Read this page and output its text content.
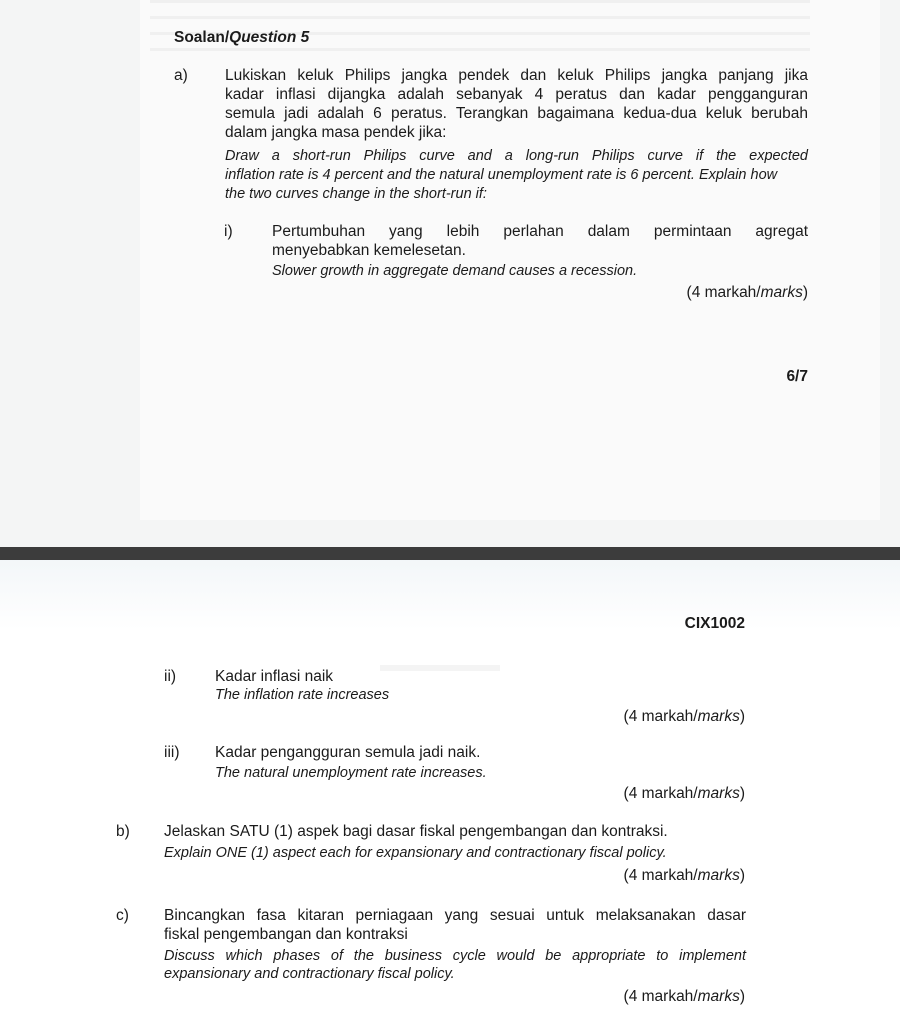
Soalan/Question 5
a) Lukiskan keluk Philips jangka pendek dan keluk Philips jangka panjang jika
kadar inflasi dijangka adalah sebanyak 4 peratus dan kadar pengganguran
semula jadi adalah 6 peratus. Terangkan bagaimana kedua-dua keluk berubah
dalam jangka masa pendek jika:
Draw a short-run Philips curve and a long-run Philips curve if the expected
inflation rate is 4 percent and the natural unemployment rate is 6 percent. Explain how
the two curves change in the short-run if:
i)	Pertumbuhan yang lebih perlahan dalam permintaan agregat
menyebabkan kemelesetan.
Slower growth in aggregate demand causes a recession.
(4 markah/marks)
6/7
CIX1002
ii)	Kadar inflasi naik
The inflation rate increases
(4 markah/marks)
iii) Kadar pengangguran semula jadi naik.
The natural unemployment rate increases.
(4 markah/marks)
b) Jelaskan SATU (1) aspek bagi dasar fiskal pengembangan dan kontraksi.
Explain ONE (1) aspect each for expansionary and contractionary fiscal policy.
(4 markah/marks)
c) Bincangkan fasa kitaran perniagaan yang sesuai untuk melaksanakan dasar
fiskal pengembangan dan kontraksi
Discuss which phases of the business cycle would be appropriate to implement
expansionary and contractionary fiscal policy.
(4 markah/marks)
